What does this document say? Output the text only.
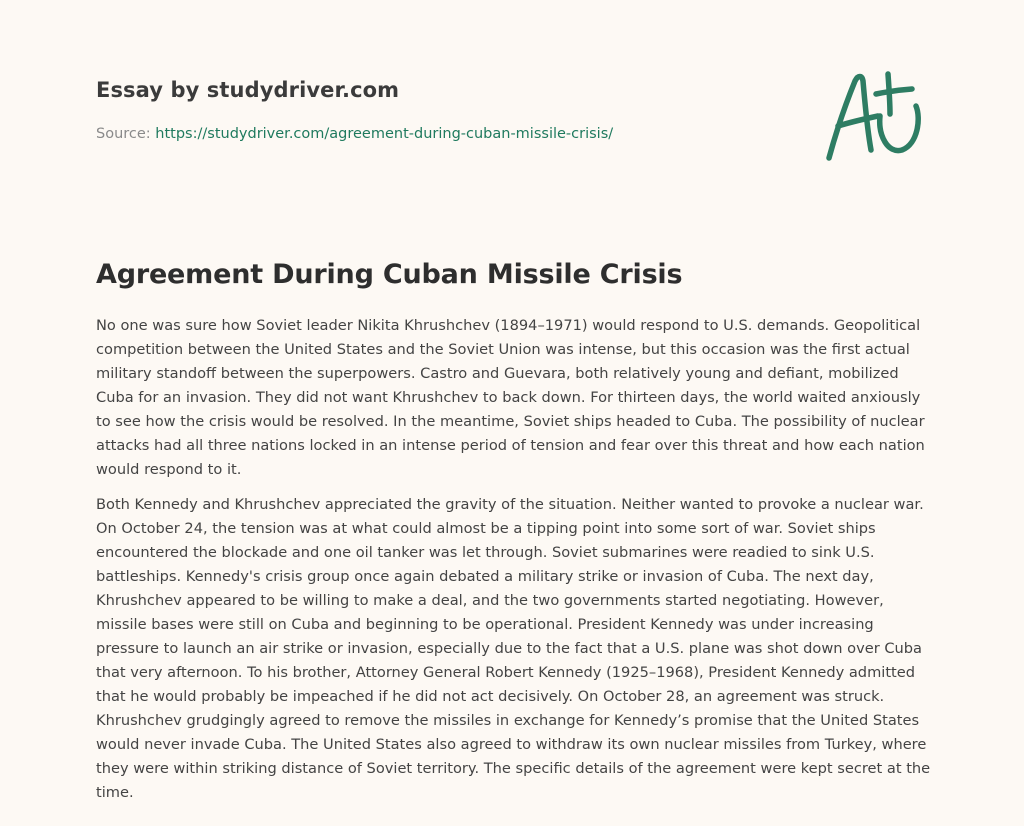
Essay by studydriver.com
Source: https://studydriver.com/agreement-during-cuban-missile-crisis/
Agreement During Cuban Missile Crisis

No one was sure how Soviet leader Nikita Khrushchev (1894–1971) would respond to U.S. demands. Geopolitical competition between the United States and the Soviet Union was intense, but this occasion was the first actual military standoff between the superpowers. Castro and Guevara, both relatively young and defiant, mobilized Cuba for an invasion. They did not want Khrushchev to back down. For thirteen days, the world waited anxiously to see how the crisis would be resolved. In the meantime, Soviet ships headed to Cuba. The possibility of nuclear attacks had all three nations locked in an intense period of tension and fear over this threat and how each nation would respond to it.

Both Kennedy and Khrushchev appreciated the gravity of the situation. Neither wanted to provoke a nuclear war. On October 24, the tension was at what could almost be a tipping point into some sort of war. Soviet ships encountered the blockade and one oil tanker was let through. Soviet submarines were readied to sink U.S. battleships. Kennedy's crisis group once again debated a military strike or invasion of Cuba. The next day, Khrushchev appeared to be willing to make a deal, and the two governments started negotiating. However, missile bases were still on Cuba and beginning to be operational. President Kennedy was under increasing pressure to launch an air strike or invasion, especially due to the fact that a U.S. plane was shot down over Cuba that very afternoon. To his brother, Attorney General Robert Kennedy (1925–1968), President Kennedy admitted that he would probably be impeached if he did not act decisively. On October 28, an agreement was struck. Khrushchev grudgingly agreed to remove the missiles in exchange for Kennedy’s promise that the United States would never invade Cuba. The United States also agreed to withdraw its own nuclear missiles from Turkey, where they were within striking distance of Soviet territory. The specific details of the agreement were kept secret at the time.
